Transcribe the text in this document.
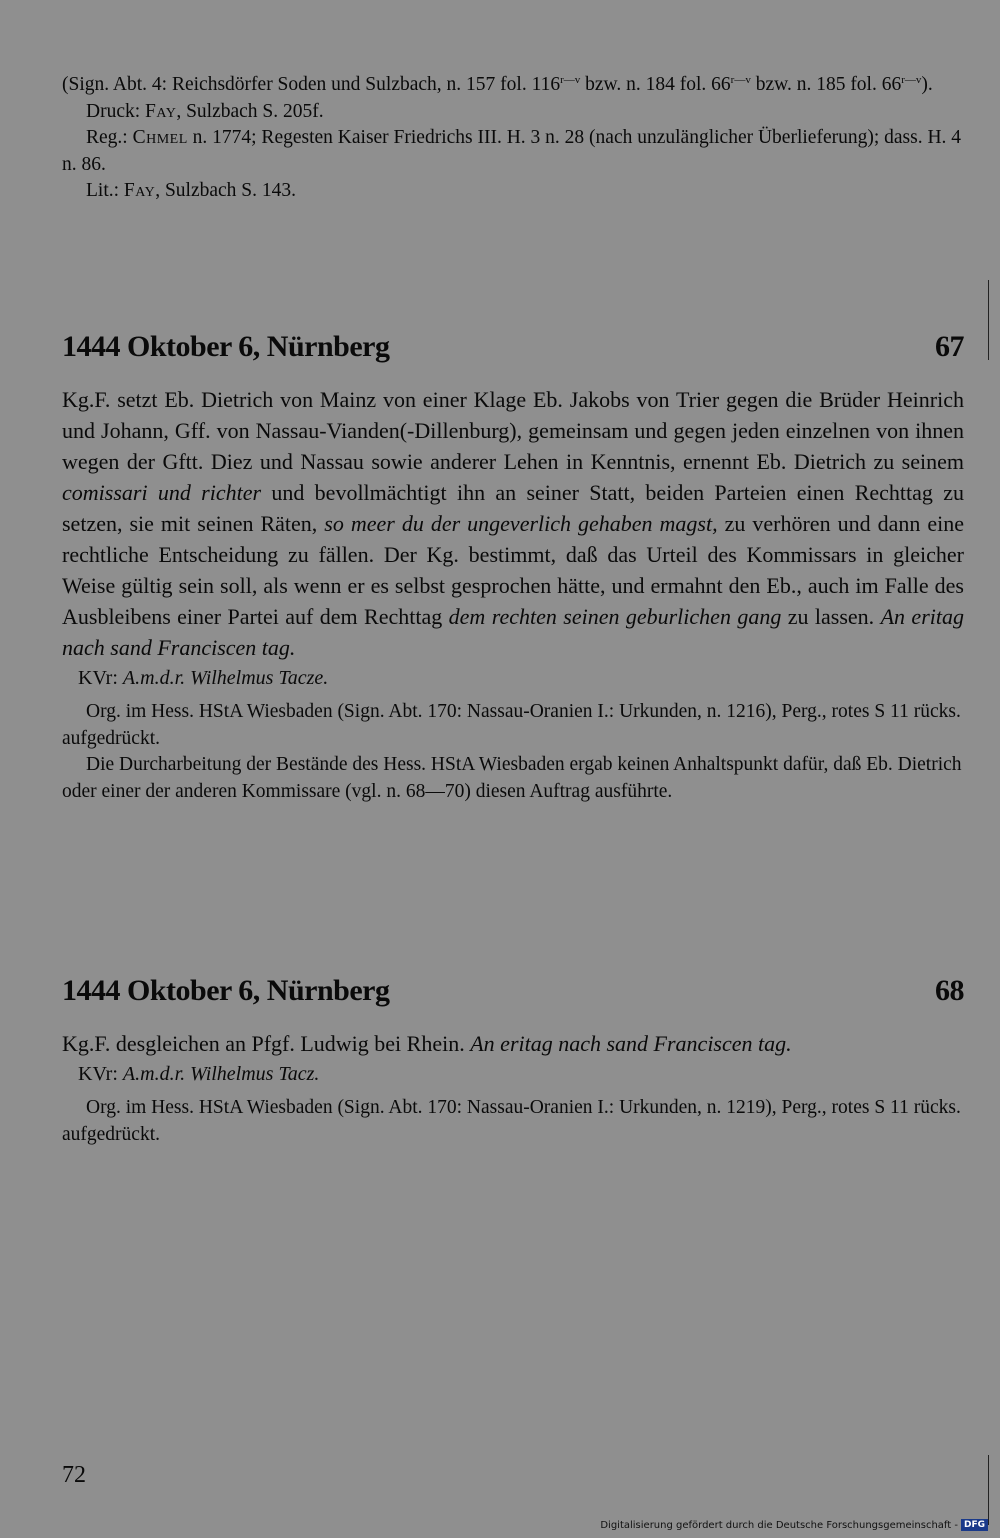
(Sign. Abt. 4: Reichsdörfer Soden und Sulzbach, n. 157 fol. $116^{r—v}$ bzw. n. 184 fol. $66^{r—v}$ bzw. n. 185 fol. $66^{r—v}$).

Druck: Fay, Sulzbach S. 205f.

Reg.: Chmel n. 1774; Regesten Kaiser Friedrichs III. H. 3 n. 28 (nach unzulänglicher Überlieferung); dass. H. 4 n. 86.

Lit.: Fay, Sulzbach S. 143.

1444 Oktober 6, Nürnberg	67

Kg.F. setzt Eb. Dietrich von Mainz von einer Klage Eb. Jakobs von Trier gegen die Brüder Heinrich und Johann, Gff. von Nassau-Vianden(-Dillenburg), gemeinsam und gegen jeden einzelnen von ihnen wegen der Gftt. Diez und Nassau sowie anderer Lehen in Kenntnis, ernennt Eb. Dietrich zu seinem comissari und richter und bevollmächtigt ihn an seiner Statt, beiden Parteien einen Rechttag zu setzen, sie mit seinen Räten, so meer du der ungeverlich gehaben magst, zu verhören und dann eine rechtliche Entscheidung zu fällen. Der Kg. bestimmt, daß das Urteil des Kommissars in gleicher Weise gültig sein soll, als wenn er es selbst gesprochen hätte, und ermahnt den Eb., auch im Falle des Ausbleibens einer Partei auf dem Rechttag dem rechten seinen geburlichen gang zu lassen. An eritag nach sand Franciscen tag.

KVr: A.m.d.r. Wilhelmus Tacze.

Org. im Hess. HStA Wiesbaden (Sign. Abt. 170: Nassau-Oranien I.: Urkunden, n. 1216), Perg., rotes S 11 rücks. aufgedrückt.

Die Durcharbeitung der Bestände des Hess. HStA Wiesbaden ergab keinen Anhaltspunkt dafür, daß Eb. Dietrich oder einer der anderen Kommissare (vgl. n. 68—70) diesen Auftrag ausführte.

1444 Oktober 6, Nürnberg	68

Kg.F. desgleichen an Pfgf. Ludwig bei Rhein. An eritag nach sand Franciscen tag.

KVr: A.m.d.r. Wilhelmus Tacz.

Org. im Hess. HStA Wiesbaden (Sign. Abt. 170: Nassau-Oranien I.: Urkunden, n. 1219), Perg., rotes S 11 rücks. aufgedrückt.

72
Digitalisierung gefördert durch die Deutsche Forschungsgemeinschaft - DFG
